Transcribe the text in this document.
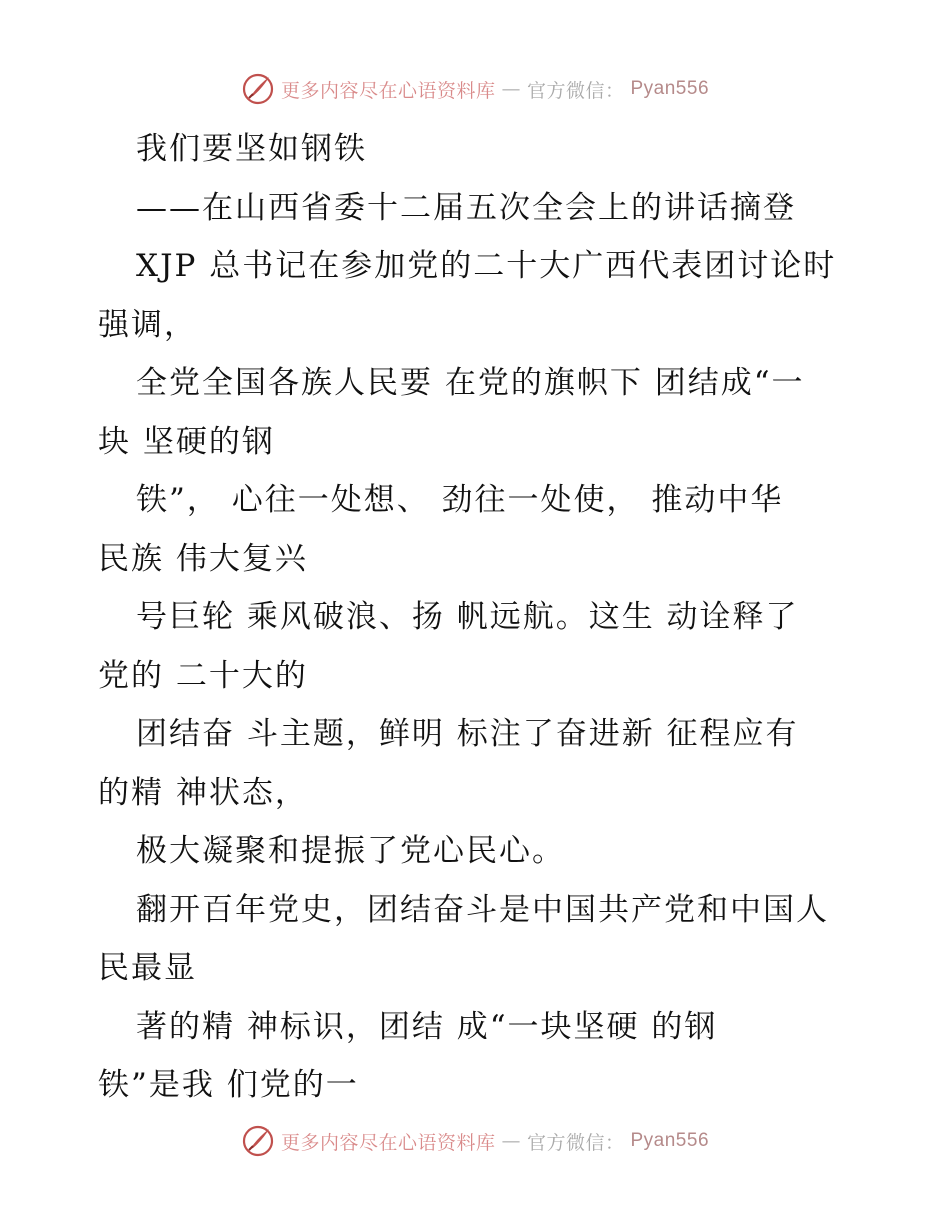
更多内容尽在心语资料库 — 官方微信： Pyan556
我们要坚如钢铁
——在山西省委十二届五次全会上的讲话摘登
XJP 总书记在参加党的二十大广西代表团讨论时
强调，
全党全国各族人民要 在党的旗帜下 团结成“一
块 坚硬的钢
铁”， 心往一处想、 劲往一处使， 推动中华
民族 伟大复兴
号巨轮 乘风破浪、扬 帆远航。这生 动诠释了
党的 二十大的
团结奋 斗主题，鲜明 标注了奋进新 征程应有
的精 神状态，
极大凝聚和提振了党心民心。
翻开百年党史，团结奋斗是中国共产党和中国人
民最显
著的精 神标识，团结 成“一块坚硬 的钢
铁”是我 们党的一
更多内容尽在心语资料库 — 官方微信： Pyan556
